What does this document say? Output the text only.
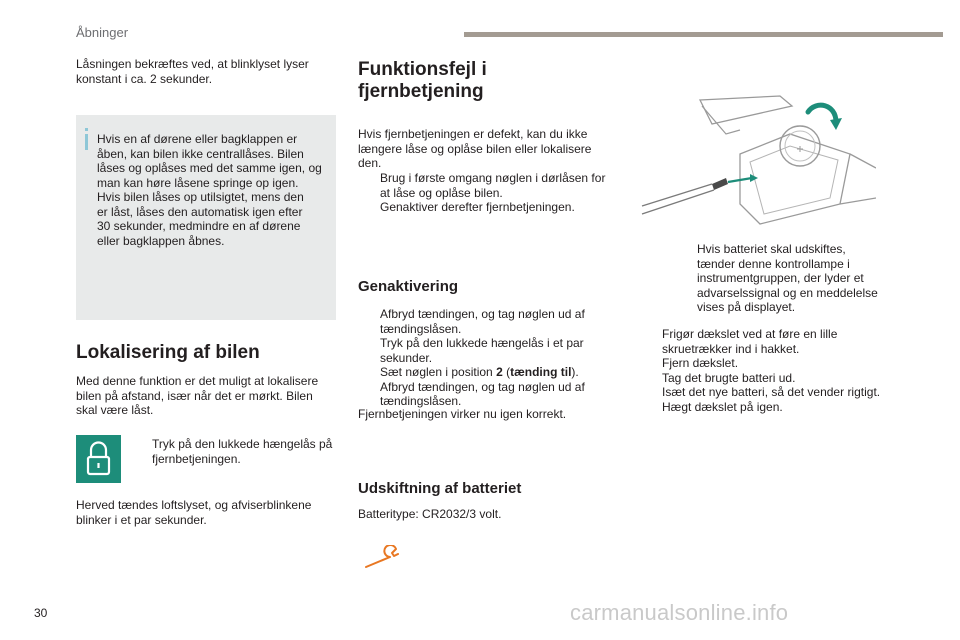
Åbninger

Låsningen bekræftes ved, at blinklyset lyser konstant i ca. 2 sekunder.

Hvis en af dørene eller bagklappen er
åben, kan bilen ikke centrallåses. Bilen
låses og oplåses med det samme igen, og
man kan høre låsene springe op igen.
Hvis bilen låses op utilsigtet, mens den
er låst, låses den automatisk igen efter
30 sekunder, medmindre en af dørene
eller bagklappen åbnes.
Lokalisering af bilen

Med denne funktion er det muligt at lokalisere bilen på afstand, især når det er mørkt. Bilen skal være låst.

Tryk på den lukkede hængelås på fjernbetjeningen.

Herved tændes loftslyset, og afviserblinkene blinker i et par sekunder.

Funktionsfejl i
fjernbetjening

Hvis fjernbetjeningen er defekt, kan du ikke længere låse og oplåse bilen eller lokalisere den.

Brug i første omgang nøglen i dørlåsen for at låse og oplåse bilen.
Genaktiver derefter fjernbetjeningen.
Genaktivering
Afbryd tændingen, og tag nøglen ud af tændingslåsen.
Tryk på den lukkede hængelås i et par sekunder.
Sæt nøglen i position 2 (tænding til).
Afbryd tændingen, og tag nøglen ud af tændingslåsen.

Fjernbetjeningen virker nu igen korrekt.

Udskiftning af batteriet

Batteritype: CR2032/3 volt.

Hvis batteriet skal udskiftes, tænder denne kontrollampe i instrumentgruppen, der lyder et advarselssignal og en meddelelse vises på displayet.

Frigør dækslet ved at føre en lille skruetrækker ind i hakket.
Fjern dækslet.
Tag det brugte batteri ud.
Isæt det nye batteri, så det vender rigtigt.
Hægt dækslet på igen.
30	carmanualsonline.info
